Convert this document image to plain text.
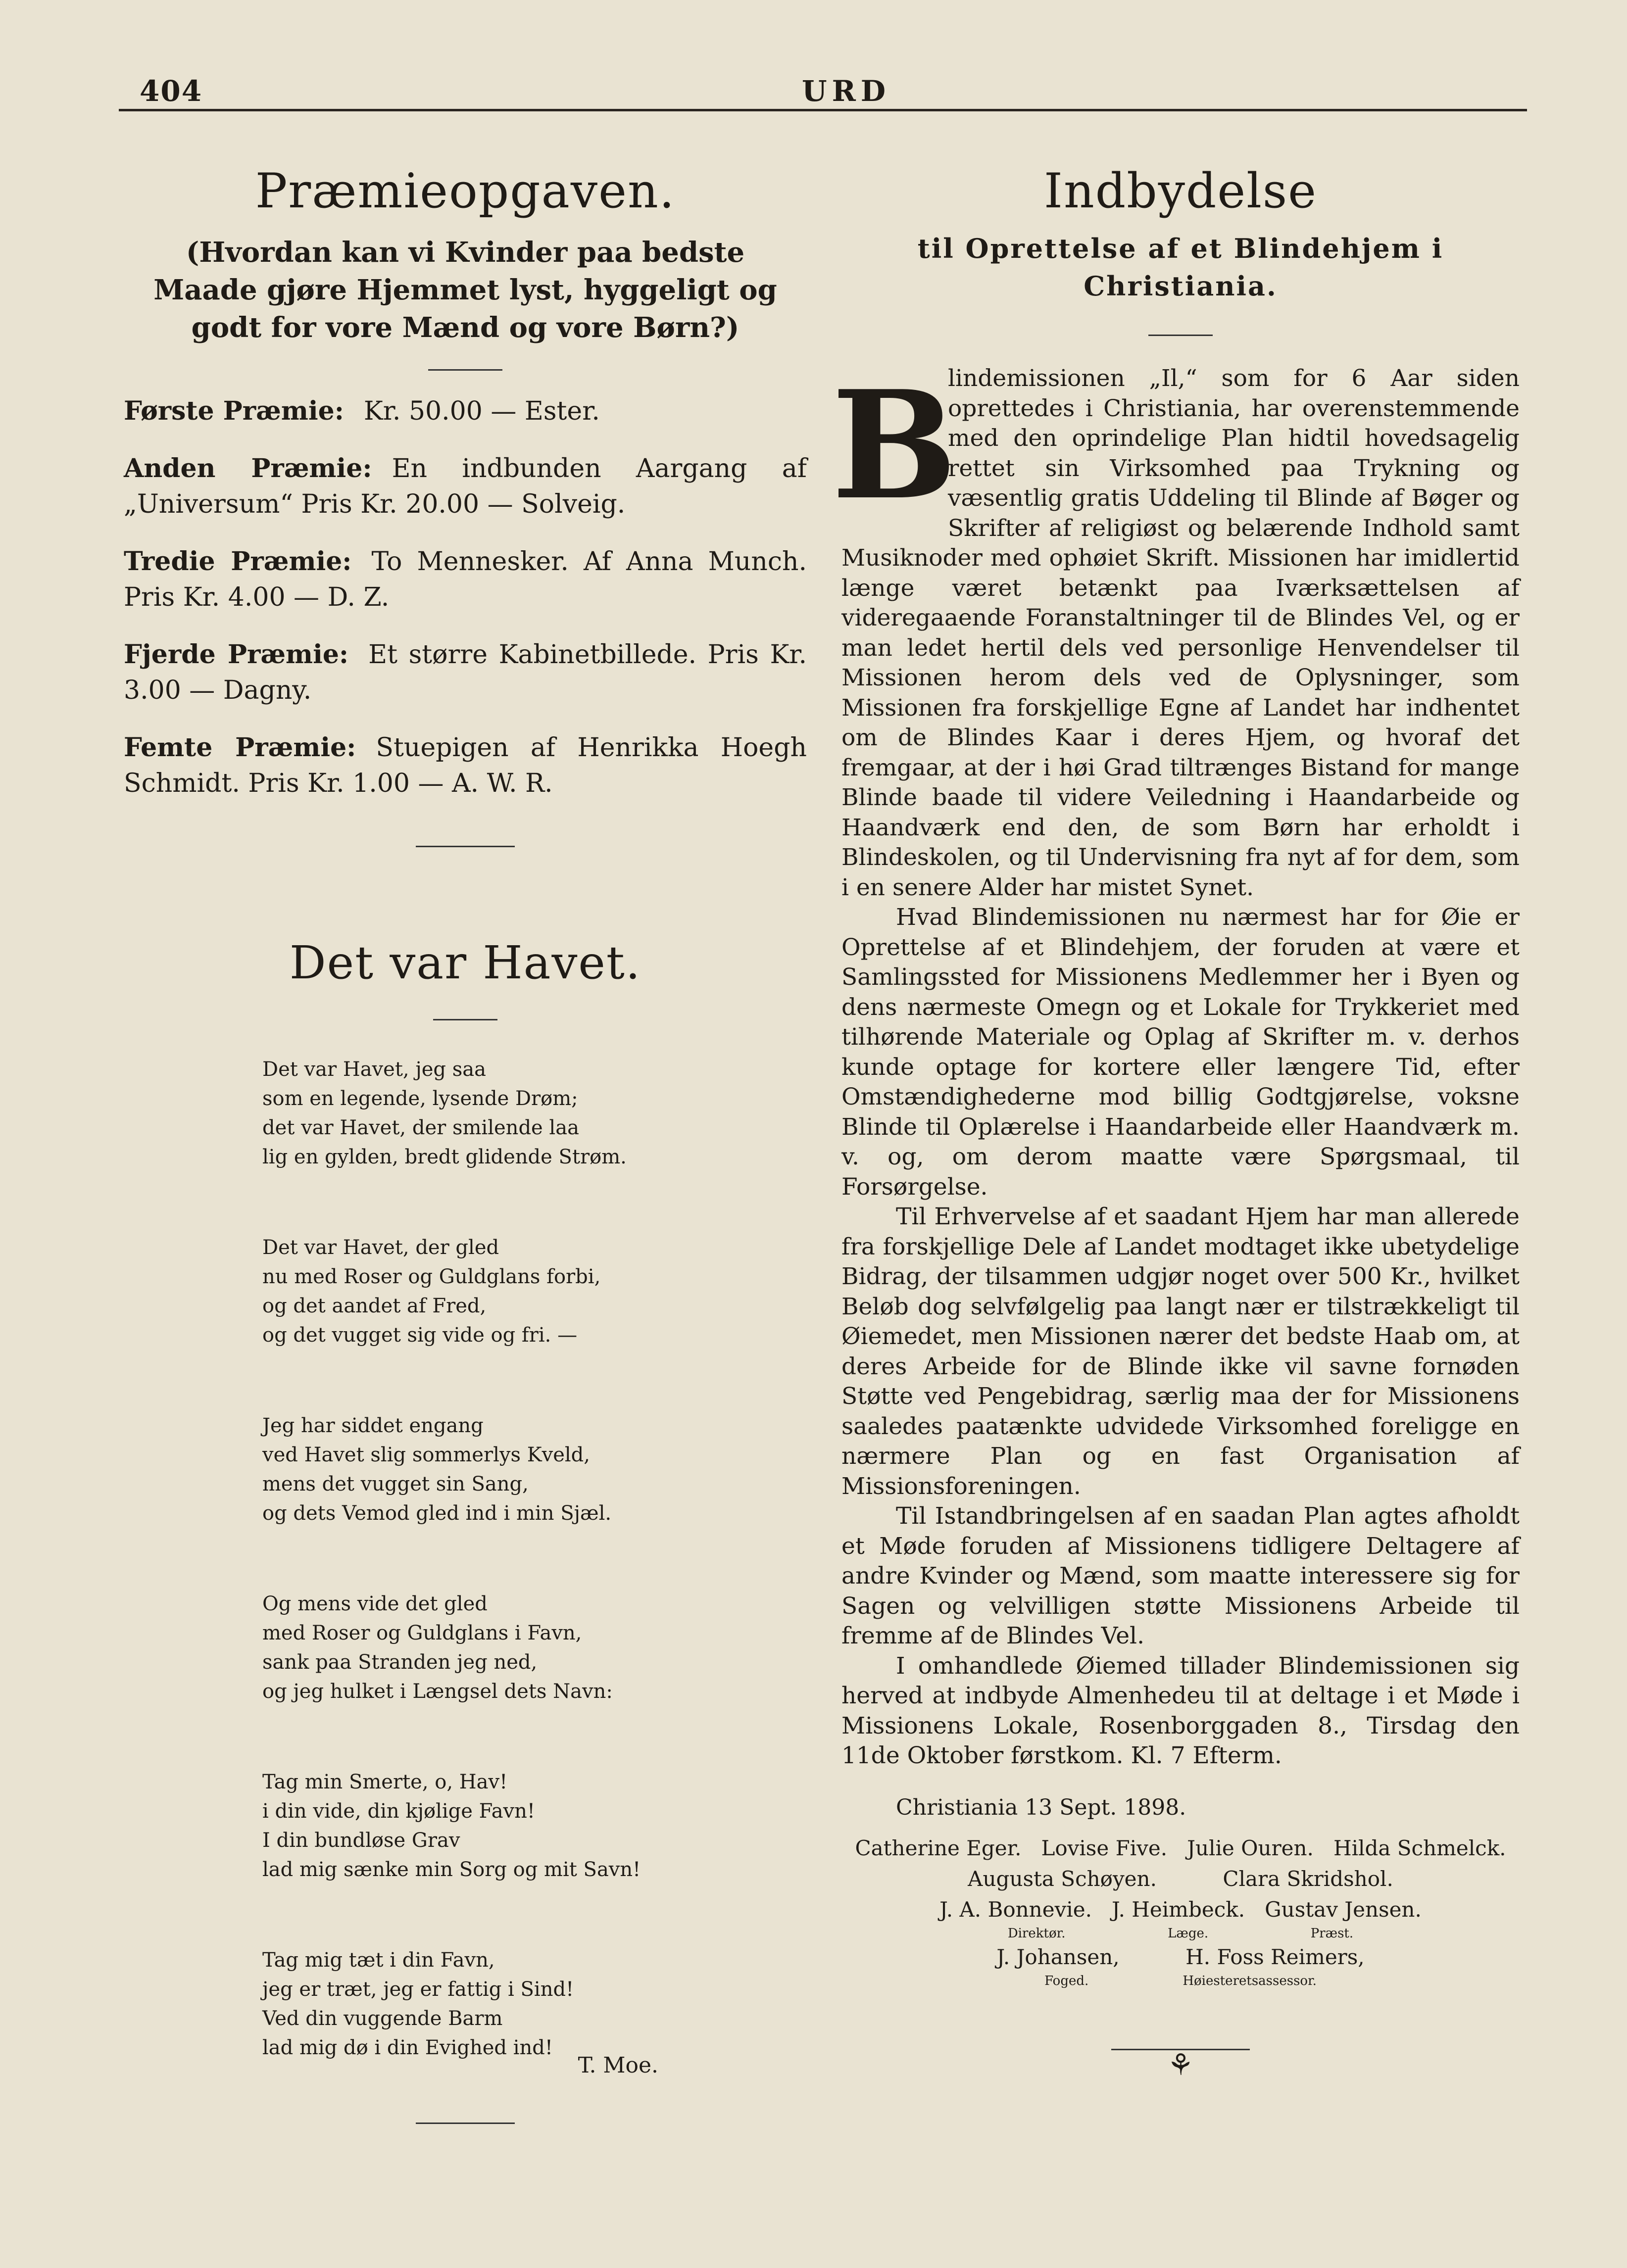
404	URD
Præmieopgaven.
(Hvordan kan vi Kvinder paa bedste Maade gjøre Hjemmet lyst, hyggeligt og godt for vore Mænd og vore Børn?)

Første Præmie: Kr. 50.00 — Ester.

Anden Præmie: En indbunden Aargang af „Universum“ Pris Kr. 20.00 — Solveig.

Tredie Præmie: To Mennesker. Af Anna Munch. Pris Kr. 4.00 — D. Z.

Fjerde Præmie: Et større Kabinetbillede. Pris Kr. 3.00 — Dagny.

Femte Præmie: Stuepigen af Henrikka Hoegh Schmidt. Pris Kr. 1.00 — A. W. R.

Det var Havet.
Det var Havet, jeg saa
som en legende, lysende Drøm;
det var Havet, der smilende laa
lig en gylden, bredt glidende Strøm.
Det var Havet, der gled
nu med Roser og Guldglans forbi,
og det aandet af Fred,
og det vugget sig vide og fri. —
Jeg har siddet engang
ved Havet slig sommerlys Kveld,
mens det vugget sin Sang,
og dets Vemod gled ind i min Sjæl.
Og mens vide det gled
med Roser og Guldglans i Favn,
sank paa Stranden jeg ned,
og jeg hulket i Længsel dets Navn:
Tag min Smerte, o, Hav!
i din vide, din kjølige Favn!
I din bundløse Grav
lad mig sænke min Sorg og mit Savn!
Tag mig tæt i din Favn,
jeg er træt, jeg er fattig i Sind!
Ved din vuggende Barm
lad mig dø i din Evighed ind!
T. Moe.
Indbydelse
til Oprettelse af et Blindehjem i Christiania.

B
lindemissionen „Il,“ som for 6 Aar siden oprettedes i Christiania, har overenstemmende med den oprindelige Plan hidtil hovedsagelig rettet sin Virksomhed paa Trykning og væsentlig gratis Uddeling til Blinde af Bøger og Skrifter af religiøst og belærende Indhold samt Musiknoder med ophøiet Skrift. Missionen har imidlertid længe været betænkt paa Iværksættelsen af videregaaende Foranstaltninger til de Blindes Vel, og er man ledet hertil dels ved personlige Henvendelser til Missionen herom dels ved de Oplysninger, som Missionen fra forskjellige Egne af Landet har indhentet om de Blindes Kaar i deres Hjem, og hvoraf det fremgaar, at der i høi Grad tiltrænges Bistand for mange Blinde baade til videre Veiledning i Haandarbeide og Haandværk end den, de som Børn har erholdt i Blindeskolen, og til Undervisning fra nyt af for dem, som i en senere Alder har mistet Synet.

Hvad Blindemissionen nu nærmest har for Øie er Oprettelse af et Blindehjem, der foruden at være et Samlingssted for Missionens Medlemmer her i Byen og dens nærmeste Omegn og et Lokale for Trykkeriet med tilhørende Materiale og Oplag af Skrifter m. v. derhos kunde optage for kortere eller længere Tid, efter Omstændighederne mod billig Godtgjørelse, voksne Blinde til Oplærelse i Haandarbeide eller Haandværk m. v. og, om derom maatte være Spørgsmaal, til Forsørgelse.

Til Erhvervelse af et saadant Hjem har man allerede fra forskjellige Dele af Landet modtaget ikke ubetydelige Bidrag, der tilsammen udgjør noget over 500 Kr., hvilket Beløb dog selvfølgelig paa langt nær er tilstrækkeligt til Øiemedet, men Missionen nærer det bedste Haab om, at deres Arbeide for de Blinde ikke vil savne fornøden Støtte ved Pengebidrag, særlig maa der for Missionens saaledes paatænkte udvidede Virksomhed foreligge en nærmere Plan og en fast Organisation af Missionsforeningen.

Til Istandbringelsen af en saadan Plan agtes afholdt et Møde foruden af Missionens tidligere Deltagere af andre Kvinder og Mænd, som maatte interessere sig for Sagen og velvilligen støtte Missionens Arbeide til fremme af de Blindes Vel.

I omhandlede Øiemed tillader Blindemissionen sig herved at indbyde Almenhedeu til at deltage i et Møde i Missionens Lokale, Rosenborggaden 8., Tirsdag den 11de Oktober førstkom. Kl. 7 Efterm.

Christiania 13 Sept. 1898.
Catherine Eger.   Lovise Five.   Julie Ouren.   Hilda Schmelck.
Augusta Schøyen.          Clara Skridshol.
J. A. Bonnevie.   J. Heimbeck.   Gustav Jensen.
Direktør.                         Læge.                         Præst.
J. Johansen,          H. Foss Reimers,
Foged.                       Høiesteretsassessor.
⚘
